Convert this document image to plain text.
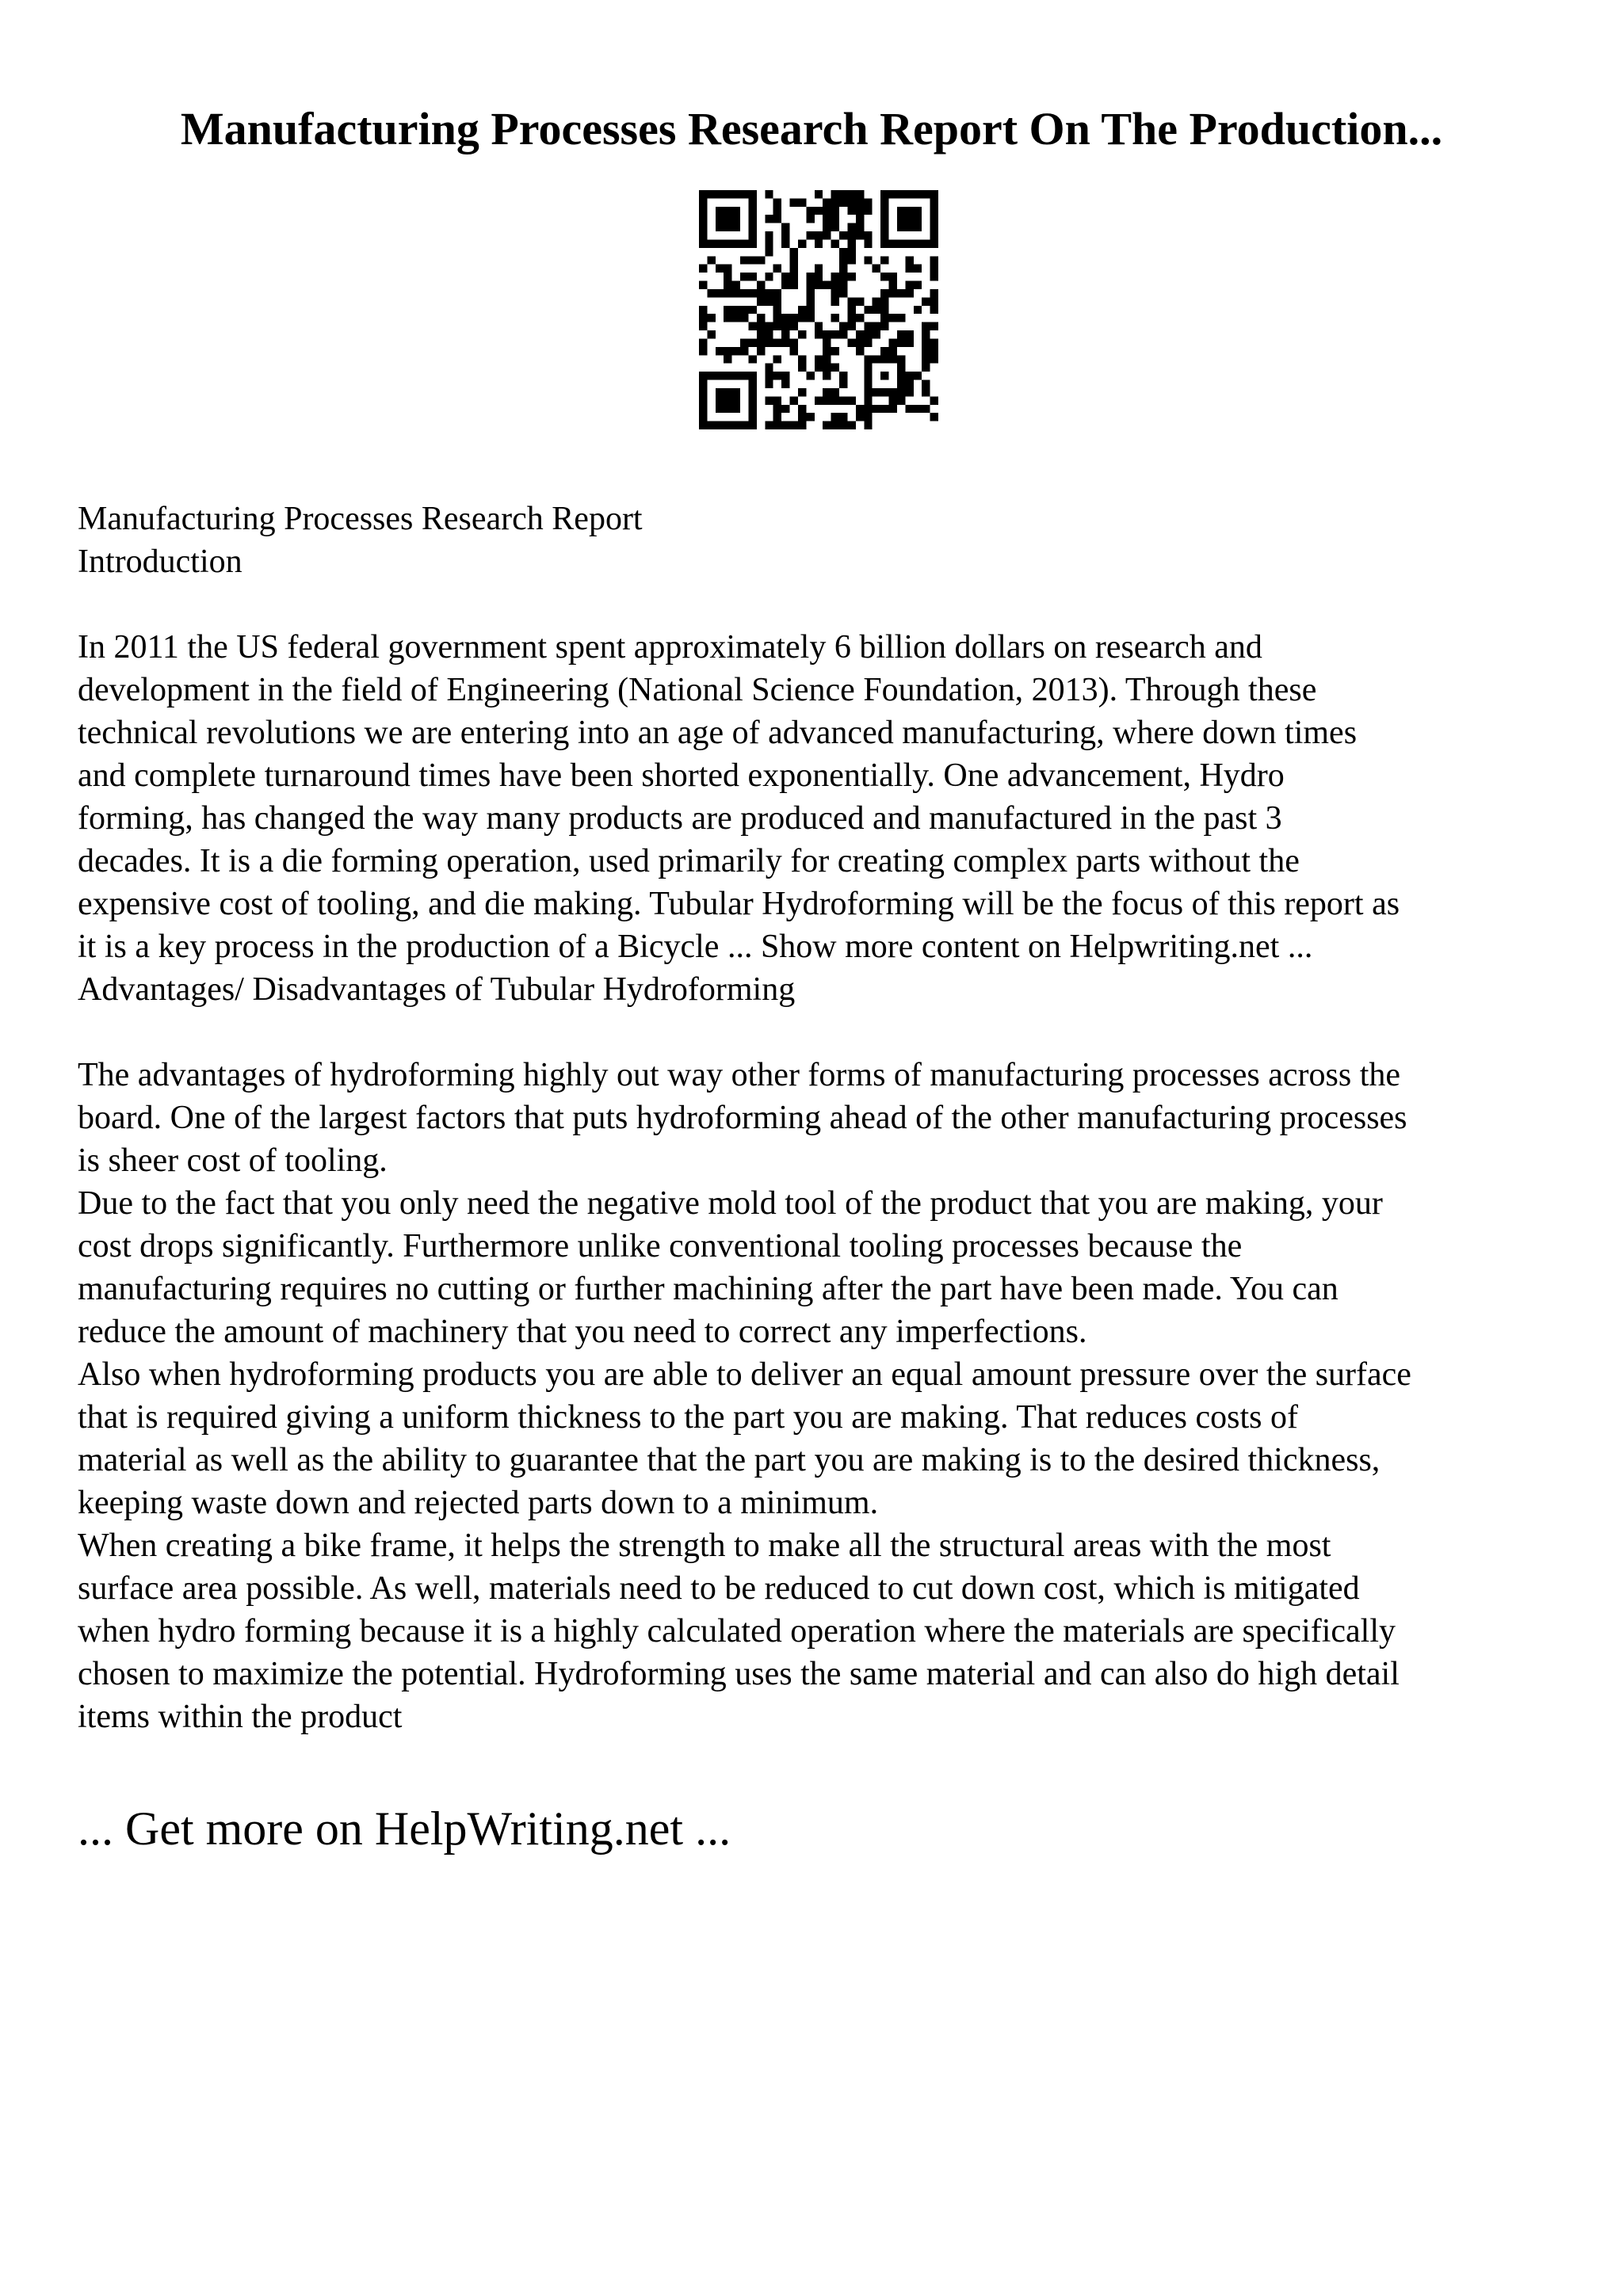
Manufacturing Processes Research Report On The Production...
Manufacturing Processes Research Report
Introduction
In 2011 the US federal government spent approximately 6 billion dollars on research and
development in the field of Engineering (National Science Foundation, 2013). Through these
technical revolutions we are entering into an age of advanced manufacturing, where down times
and complete turnaround times have been shorted exponentially. One advancement, Hydro
forming, has changed the way many products are produced and manufactured in the past 3
decades. It is a die forming operation, used primarily for creating complex parts without the
expensive cost of tooling, and die making. Tubular Hydroforming will be the focus of this report as
it is a key process in the production of a Bicycle ... Show more content on Helpwriting.net ...
Advantages/ Disadvantages of Tubular Hydroforming
The advantages of hydroforming highly out way other forms of manufacturing processes across the
board. One of the largest factors that puts hydroforming ahead of the other manufacturing processes
is sheer cost of tooling.
Due to the fact that you only need the negative mold tool of the product that you are making, your
cost drops significantly. Furthermore unlike conventional tooling processes because the
manufacturing requires no cutting or further machining after the part have been made. You can
reduce the amount of machinery that you need to correct any imperfections.
Also when hydroforming products you are able to deliver an equal amount pressure over the surface
that is required giving a uniform thickness to the part you are making. That reduces costs of
material as well as the ability to guarantee that the part you are making is to the desired thickness,
keeping waste down and rejected parts down to a minimum.
When creating a bike frame, it helps the strength to make all the structural areas with the most
surface area possible. As well, materials need to be reduced to cut down cost, which is mitigated
when hydro forming because it is a highly calculated operation where the materials are specifically
chosen to maximize the potential. Hydroforming uses the same material and can also do high detail
items within the product

... Get more on HelpWriting.net ...
